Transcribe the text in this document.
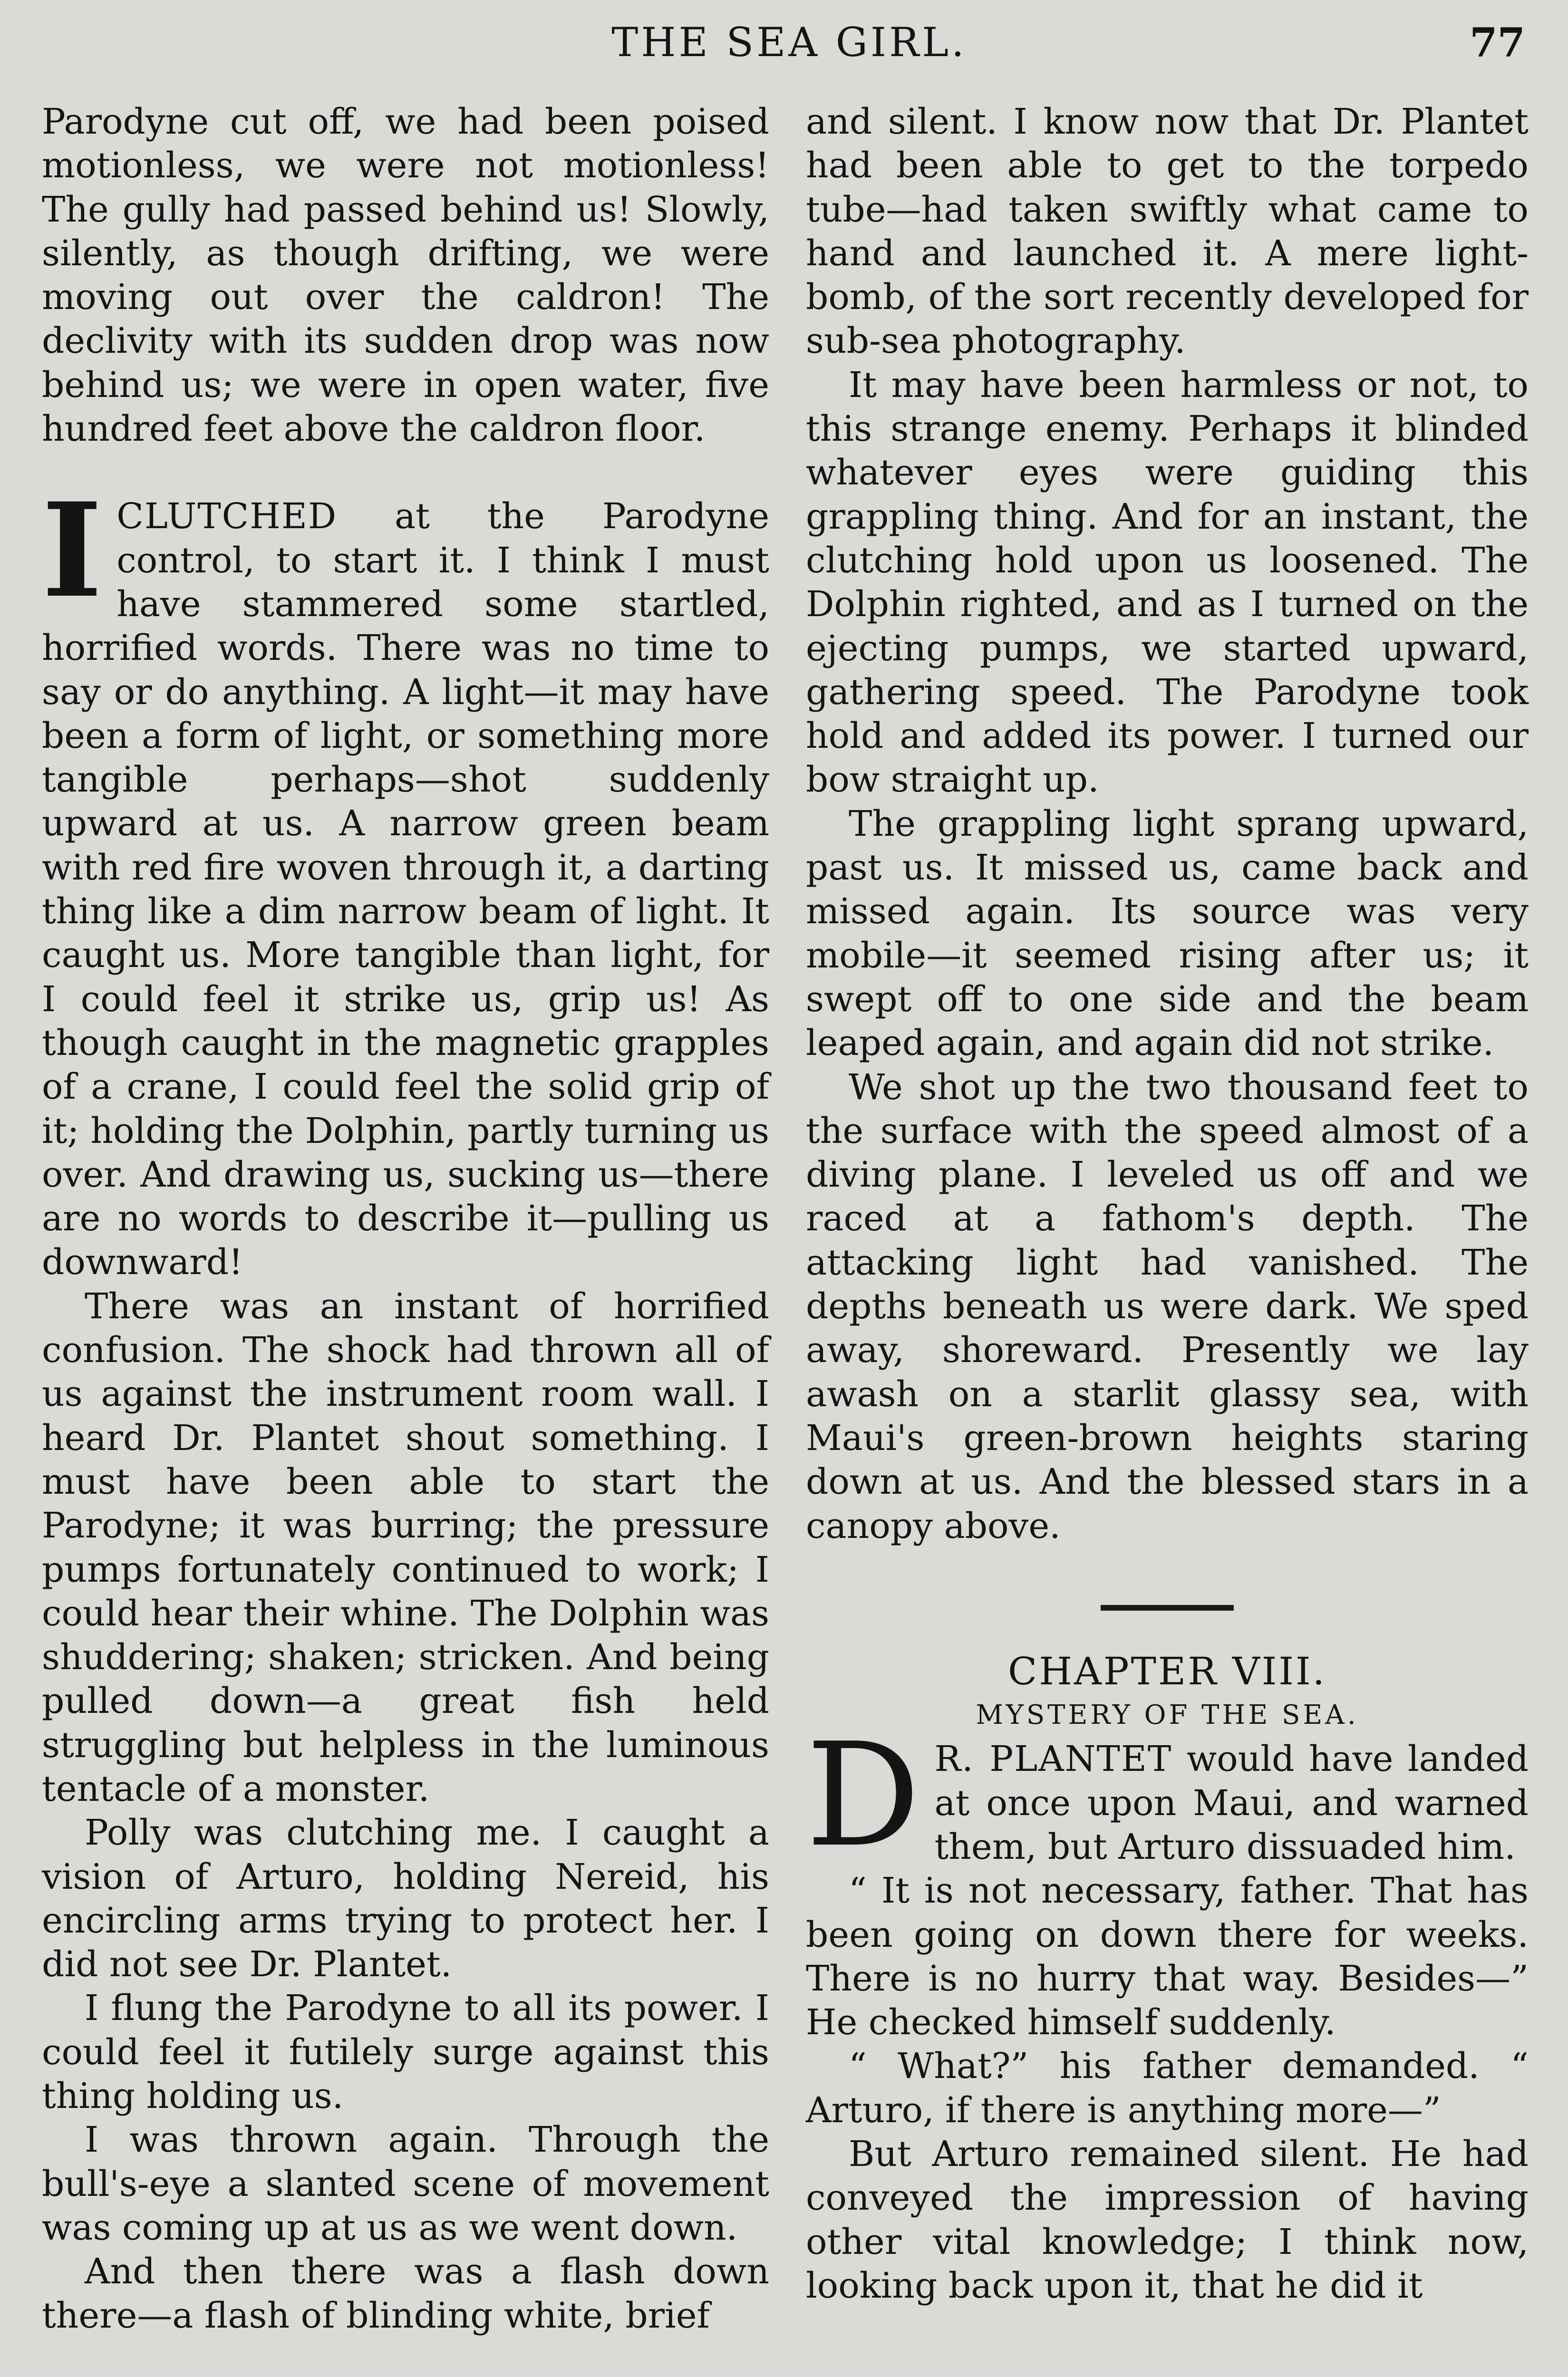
THE SEA GIRL.	77

Parodyne cut off, we had been poised motionless, we were not motionless! The gully had passed behind us! Slowly, silently, as though drifting, we were moving out over the caldron! The declivity with its sudden drop was now behind us; we were in open water, five hundred feet above the caldron floor.

ICLUTCHED at the Parodyne control, to start it. I think I must have stammered some startled, horrified words. There was no time to say or do anything. A light—it may have been a form of light, or something more tangible perhaps—shot suddenly upward at us. A narrow green beam with red fire woven through it, a darting thing like a dim narrow beam of light. It caught us. More tangible than light, for I could feel it strike us, grip us! As though caught in the magnetic grapples of a crane, I could feel the solid grip of it; holding the Dolphin, partly turning us over. And drawing us, sucking us—there are no words to describe it—pulling us downward!

There was an instant of horrified confusion. The shock had thrown all of us against the instrument room wall. I heard Dr. Plantet shout something. I must have been able to start the Parodyne; it was burring; the pressure pumps fortunately continued to work; I could hear their whine. The Dolphin was shuddering; shaken; stricken. And being pulled down—a great fish held struggling but helpless in the luminous tentacle of a monster.

Polly was clutching me. I caught a vision of Arturo, holding Nereid, his encircling arms trying to protect her. I did not see Dr. Plantet.

I flung the Parodyne to all its power. I could feel it futilely surge against this thing holding us.

I was thrown again. Through the bull's-eye a slanted scene of movement was coming up at us as we went down.

And then there was a flash down there—a flash of blinding white, brief

and silent. I know now that Dr. Plantet had been able to get to the torpedo tube—had taken swiftly what came to hand and launched it. A mere light-bomb, of the sort recently developed for sub-sea photography.

It may have been harmless or not, to this strange enemy. Perhaps it blinded whatever eyes were guiding this grappling thing. And for an instant, the clutching hold upon us loosened. The Dolphin righted, and as I turned on the ejecting pumps, we started upward, gathering speed. The Parodyne took hold and added its power. I turned our bow straight up.

The grappling light sprang upward, past us. It missed us, came back and missed again. Its source was very mobile—it seemed rising after us; it swept off to one side and the beam leaped again, and again did not strike.

We shot up the two thousand feet to the surface with the speed almost of a diving plane. I leveled us off and we raced at a fathom's depth. The attacking light had vanished. The depths beneath us were dark. We sped away, shoreward. Presently we lay awash on a starlit glassy sea, with Maui's green-brown heights staring down at us. And the blessed stars in a canopy above.

CHAPTER VIII.

MYSTERY OF THE SEA.

D R. PLANTET would have landed at once upon Maui, and warned them, but Arturo dissuaded him.

“ It is not necessary, father. That has been going on down there for weeks. There is no hurry that way. Besides—” He checked himself suddenly.

“ What?” his father demanded. “ Arturo, if there is anything more—”

But Arturo remained silent. He had conveyed the impression of having other vital knowledge; I think now, looking back upon it, that he did it
